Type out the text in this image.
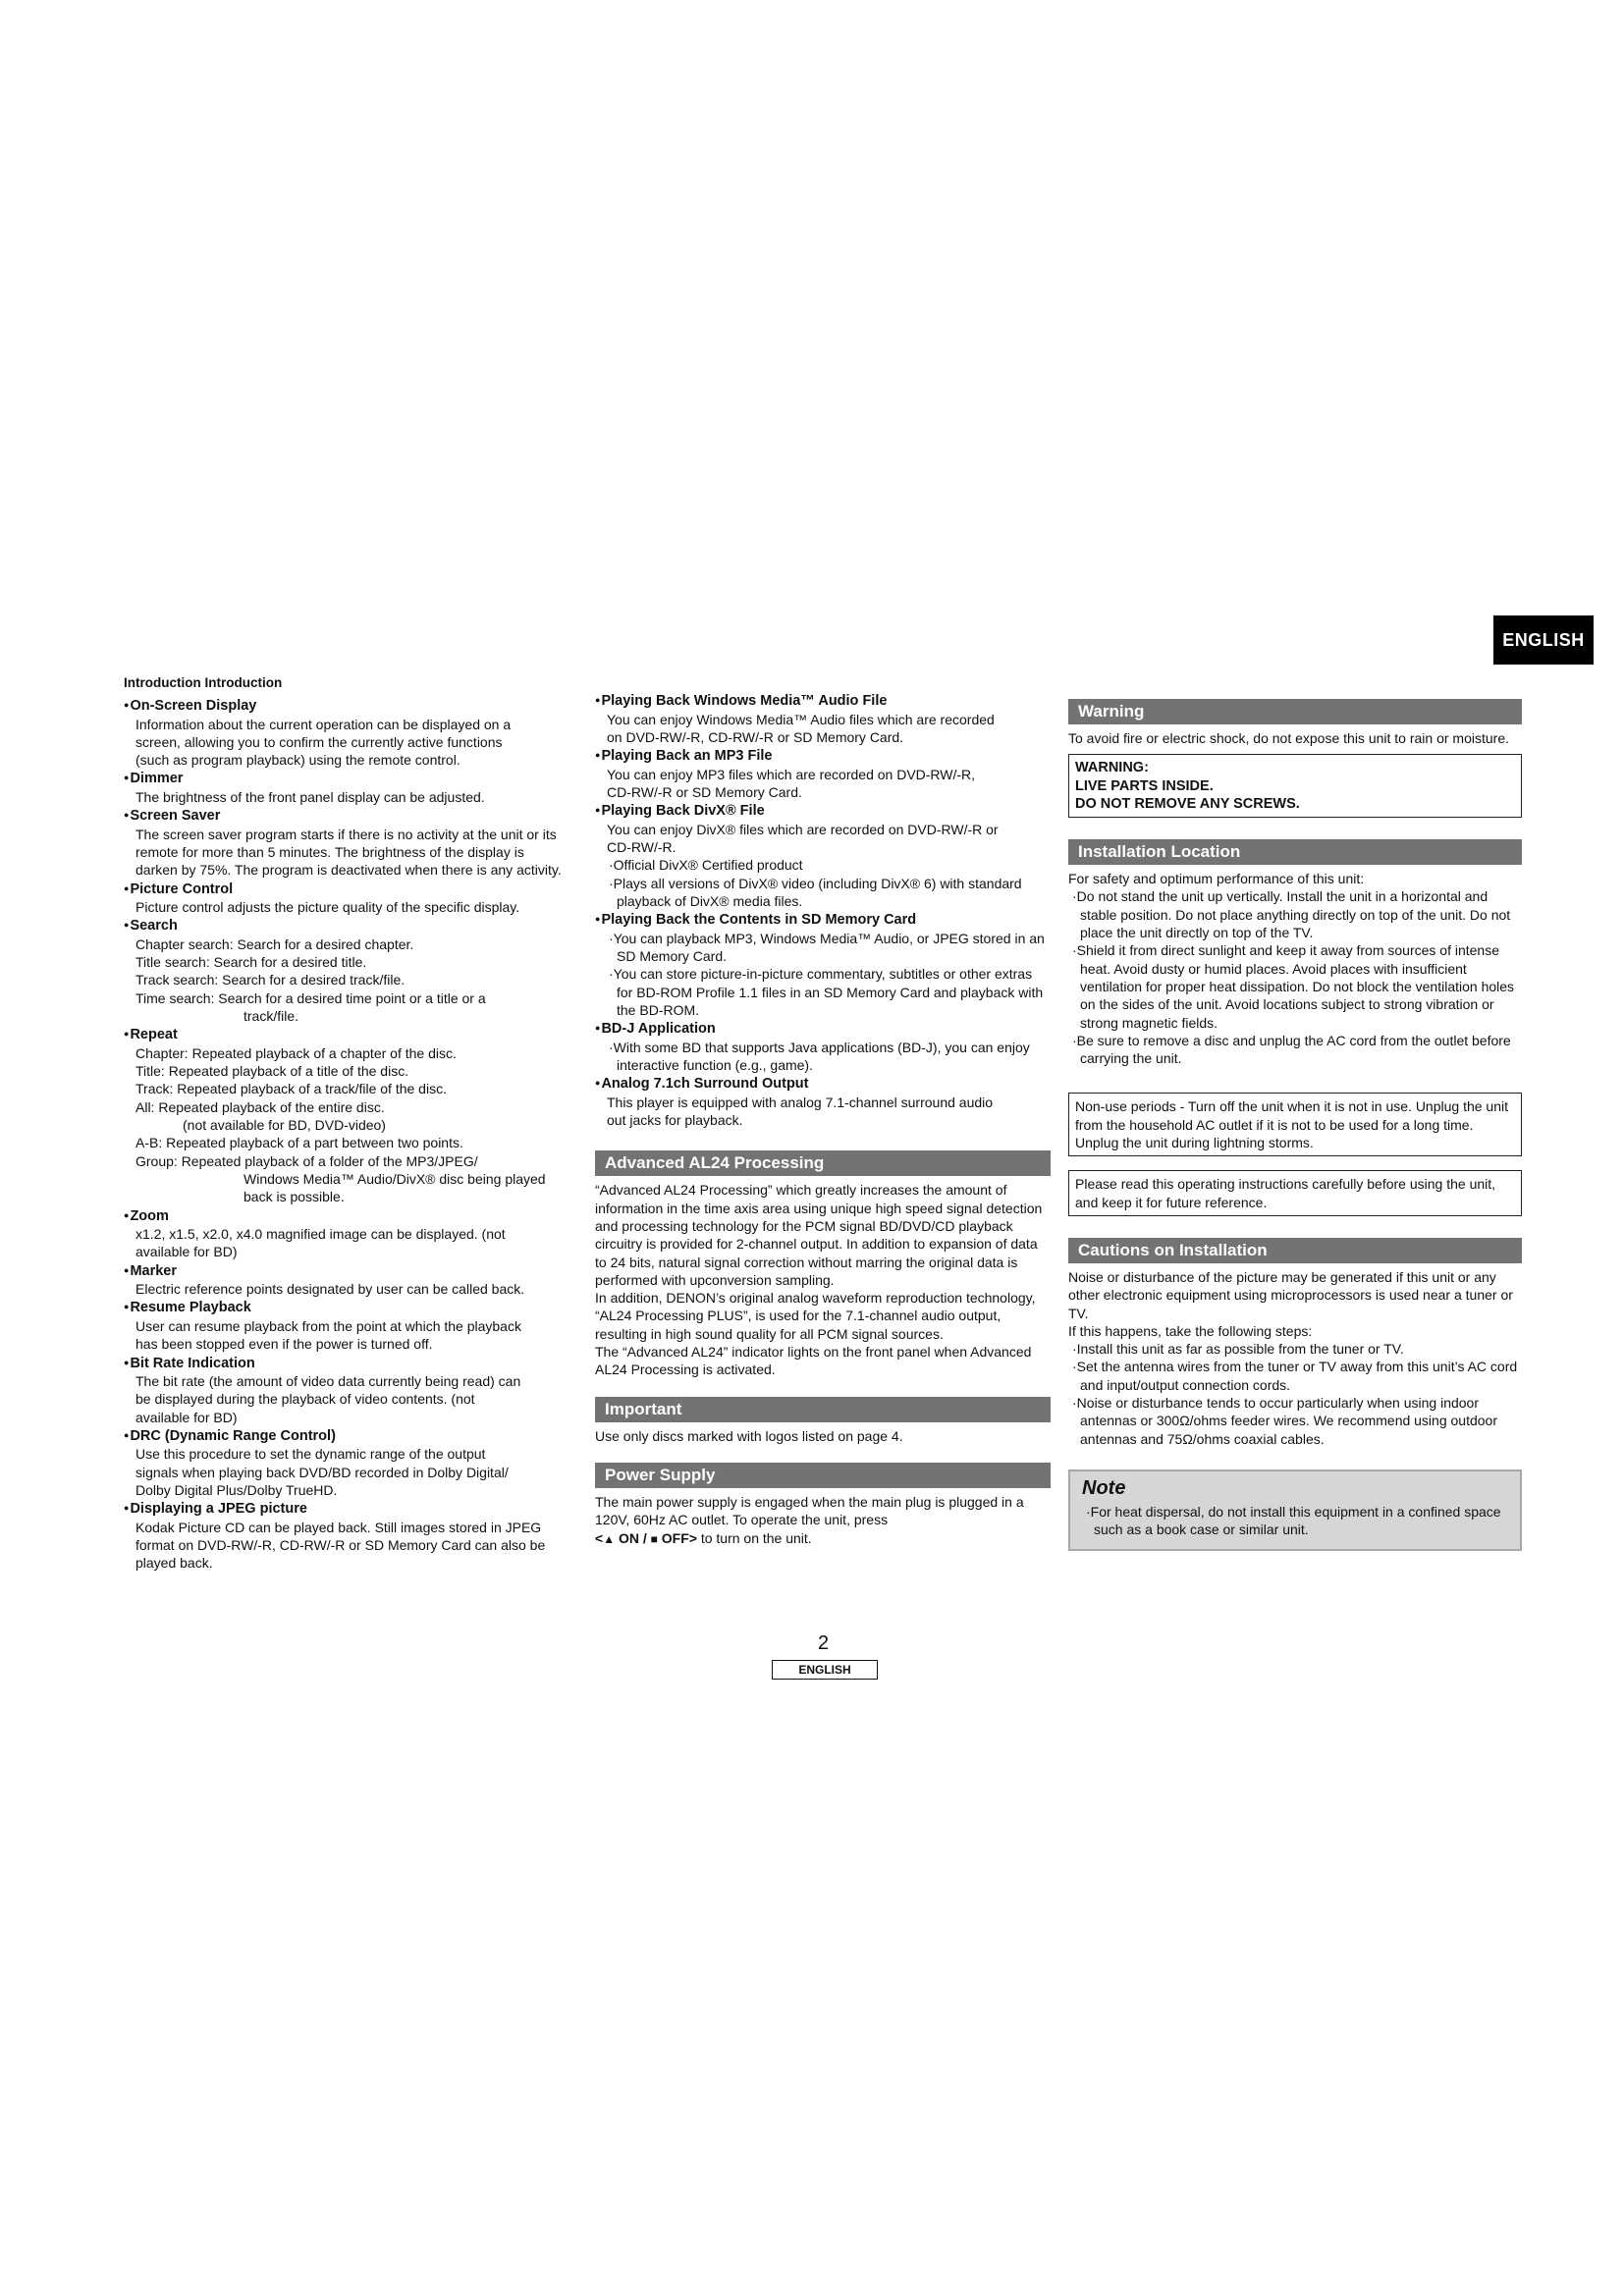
ENGLISH
Introduction Introduction
● On-Screen Display
Information about the current operation can be displayed on a
screen, allowing you to confirm the currently active functions
(such as program playback) using the remote control.
● Dimmer
The brightness of the front panel display can be adjusted.
● Screen Saver
The screen saver program starts if there is no activity at the unit or its
remote for more than 5 minutes. The brightness of the display is
darken by 75%. The program is deactivated when there is any activity.
● Picture Control
Picture control adjusts the picture quality of the specific display.
● Search
Chapter search: Search for a desired chapter.
Title search: Search for a desired title.
Track search: Search for a desired track/file.
Time search: Search for a desired time point or a title or a
track/file.
● Repeat
Chapter: Repeated playback of a chapter of the disc.
Title: Repeated playback of a title of the disc.
Track: Repeated playback of a track/file of the disc.
All: Repeated playback of the entire disc.
(not available for BD, DVD-video)
A-B: Repeated playback of a part between two points.
Group: Repeated playback of a folder of the MP3/JPEG/
Windows Media™ Audio/DivX® disc being played
back is possible.
● Zoom
x1.2, x1.5, x2.0, x4.0 magnified image can be displayed. (not
available for BD)
● Marker
Electric reference points designated by user can be called back.
● Resume Playback
User can resume playback from the point at which the playback
has been stopped even if the power is turned off.
● Bit Rate Indication
The bit rate (the amount of video data currently being read) can
be displayed during the playback of video contents. (not
available for BD)
● DRC (Dynamic Range Control)
Use this procedure to set the dynamic range of the output
signals when playing back DVD/BD recorded in Dolby Digital/
Dolby Digital Plus/Dolby TrueHD.
● Displaying a JPEG picture
Kodak Picture CD can be played back. Still images stored in JPEG
format on DVD-RW/-R, CD-RW/-R or SD Memory Card can also be
played back.
● Playing Back Windows Media™ Audio File
You can enjoy Windows Media™ Audio files which are recorded
on DVD-RW/-R, CD-RW/-R or SD Memory Card.
● Playing Back an MP3 File
You can enjoy MP3 files which are recorded on DVD-RW/-R,
CD-RW/-R or SD Memory Card.
● Playing Back DivX® File
You can enjoy DivX® files which are recorded on DVD-RW/-R or
CD-RW/-R.
· Official DivX® Certified product
· Plays all versions of DivX® video (including DivX® 6) with standard playback of DivX® media files.
● Playing Back the Contents in SD Memory Card
· You can playback MP3, Windows Media™ Audio, or JPEG stored in an SD Memory Card.
· You can store picture-in-picture commentary, subtitles or other extras for BD-ROM Profile 1.1 files in an SD Memory Card and playback with the BD-ROM.
● BD-J Application
· With some BD that supports Java applications (BD-J), you can enjoy interactive function (e.g., game).
● Analog 7.1ch Surround Output
This player is equipped with analog 7.1-channel surround audio
out jacks for playback.
Advanced AL24 Processing
“Advanced AL24 Processing” which greatly increases the amount of information in the time axis area using unique high speed signal detection and processing technology for the PCM signal BD/DVD/CD playback circuitry is provided for 2-channel output. In addition to expansion of data to 24 bits, natural signal correction without marring the original data is performed with upconversion sampling.
In addition, DENON’s original analog waveform reproduction technology, “AL24 Processing PLUS”, is used for the 7.1-channel audio output, resulting in high sound quality for all PCM signal sources.
The “Advanced AL24” indicator lights on the front panel when Advanced AL24 Processing is activated.
Important
Use only discs marked with logos listed on page 4.
Power Supply
The main power supply is engaged when the main plug is plugged in a 120V, 60Hz AC outlet. To operate the unit, press
<▲ ON / ■ OFF> to turn on the unit.
Warning
To avoid fire or electric shock, do not expose this unit to rain or moisture.
WARNING:
LIVE PARTS INSIDE.
DO NOT REMOVE ANY SCREWS.
Installation Location
For safety and optimum performance of this unit:
· Do not stand the unit up vertically. Install the unit in a horizontal and stable position. Do not place anything directly on top of the unit. Do not place the unit directly on top of the TV.
· Shield it from direct sunlight and keep it away from sources of intense heat. Avoid dusty or humid places. Avoid places with insufficient ventilation for proper heat dissipation. Do not block the ventilation holes on the sides of the unit. Avoid locations subject to strong vibration or strong magnetic fields.
· Be sure to remove a disc and unplug the AC cord from the outlet before carrying the unit.
Non-use periods - Turn off the unit when it is not in use. Unplug the unit from the household AC outlet if it is not to be used for a long time. Unplug the unit during lightning storms.
Please read this operating instructions carefully before using the unit, and keep it for future reference.
Cautions on Installation
Noise or disturbance of the picture may be generated if this unit or any other electronic equipment using microprocessors is used near a tuner or TV.
If this happens, take the following steps:
· Install this unit as far as possible from the tuner or TV.
· Set the antenna wires from the tuner or TV away from this unit’s AC cord and input/output connection cords.
· Noise or disturbance tends to occur particularly when using indoor antennas or 300Ω/ohms feeder wires. We recommend using outdoor antennas and 75Ω/ohms coaxial cables.
Note
· For heat dispersal, do not install this equipment in a confined space such as a book case or similar unit.
2
ENGLISH
